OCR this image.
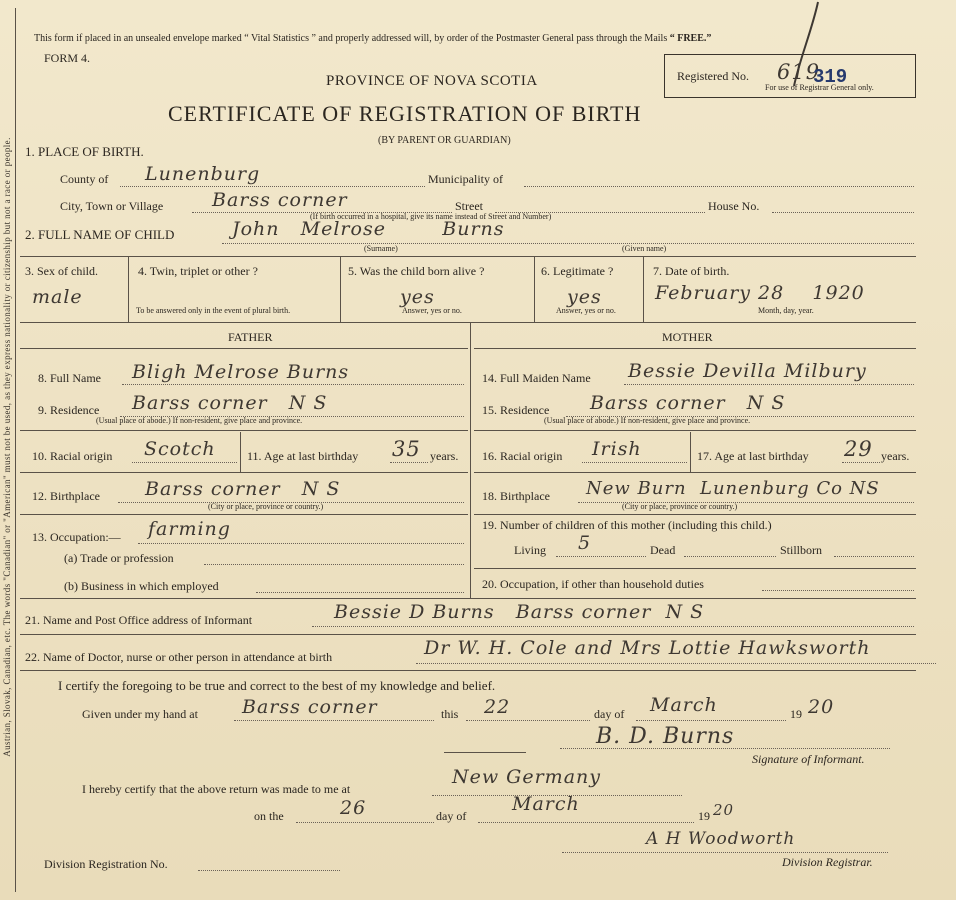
Austrian, Slovak, Canadian, etc. The words "Canadian" or "American" must not be used, as they express nationality or citizenship but not a race or people.
This form if placed in an unsealed envelope marked “ Vital Statistics ” and properly addressed will, by order of the Postmaster General pass through the Mails “ FREE.”
FORM 4.
PROVINCE OF NOVA SCOTIA
CERTIFICATE OF REGISTRATION OF BIRTH
(BY PARENT OR GUARDIAN)
Registered No. 619
319
For use of Registrar General only.
1. PLACE OF BIRTH.
County of Lunenburg	Municipality of
City, Town or Village	Barss corner	Street	House No.
(If birth occurred in a hospital, give its name instead of Street and Number)
2. FULL NAME OF CHILD	John   Melrose        Burns
(Surname)	(Given name)
3. Sex of child.
male
4. Twin, triplet or other ?
To be answered only in the event of plural birth.
5. Was the child born alive ?
yes
Answer, yes or no.
6. Legitimate ?
yes
Answer, yes or no.
7. Date of birth.
February 28    1920
Month, day, year.
FATHER	MOTHER
8. Full Name Bligh Melrose Burns
9. Residence Barss corner   N S
(Usual place of abode.) If non-resident, give place and province.
10. Racial origin Scotch	11. Age at last birthday 35 years.
12. Birthplace Barss corner   N S
(City or place, province or country.)
13. Occupation:— farming
(a) Trade or profession
(b) Business in which employed
14. Full Maiden Name Bessie Devilla Milbury
15. Residence Barss corner   N S
(Usual place of abode.) If non-resident, give place and province.
16. Racial origin Irish	17. Age at last birthday 29 years.
18. Birthplace New Burn  Lunenburg Co NS
(City or place, province or country.)
19. Number of children of this mother (including this child.)
Living 5	Dead	Stillborn
20. Occupation, if other than household duties
21. Name and Post Office address of Informant	Bessie D Burns   Barss corner  N S
22. Name of Doctor, nurse or other person in attendance at birth	Dr W. H. Cole and Mrs Lottie Hawksworth
I certify the foregoing to be true and correct to the best of my knowledge and belief.
Given under my hand at Barss corner	this 22	day of March	19 20
B. D. Burns
Signature of Informant.
I hereby certify that the above return was made to me at
New Germany
on the	26	day of
March
19 20
A H Woodworth
Division Registrar.
Division Registration No.
